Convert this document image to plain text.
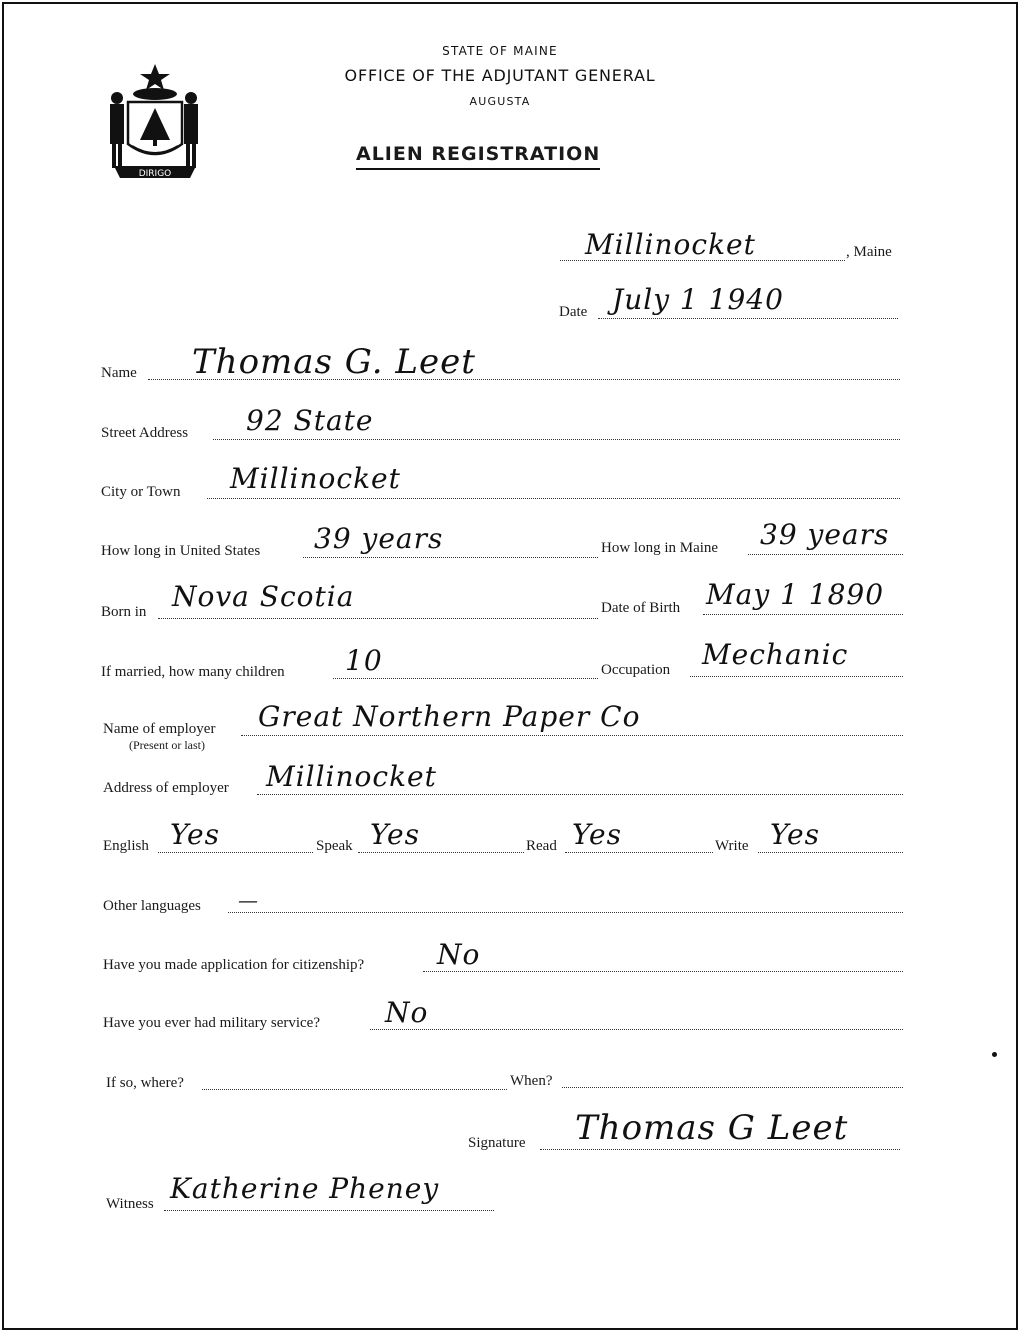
DIRIGO
STATE OF MAINE
OFFICE OF THE ADJUTANT GENERAL
AUGUSTA
ALIEN REGISTRATION
Millinocket	, Maine
Date July 1 1940
Name Thomas G. Leet
Street Address 92 State
City or Town Millinocket
How long in United States 39 years	How long in Maine 39 years
Born in Nova Scotia	Date of Birth May 1 1890
If married, how many children 10	Occupation Mechanic
Name of employer
(Present or last)
Great Northern Paper Co
Address of employer Millinocket
English Yes	Speak Yes	Read Yes	Write Yes
Other languages —
Have you made application for citizenship?	No
Have you ever had military service? No
If so, where?	When?
Signature Thomas G Leet
Witness Katherine Pheney
